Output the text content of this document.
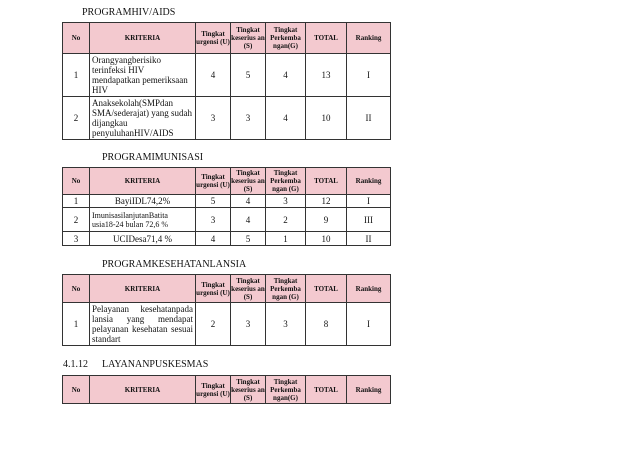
PROGRAMHIV/AIDS
No	KRITERIA	Tingkat urgensi (U)	Tingkat keserius an (S)	Tingkat Perkemba ngan(G)	TOTAL	Ranking
1	Orangyangberisiko terinfeksi HIV mendapatkan pemeriksaan HIV	4	5	4	13	I
2	Anaksekolah(SMPdan SMA/sederajat) yang sudah dijangkau penyuluhanHIV/AIDS	3	3	4	10	II
PROGRAMIMUNISASI
No	KRITERIA	Tingkat urgensi (U)	Tingkat keserius an (S)	Tingkat Perkemba ngan (G)	TOTAL	Ranking
1	BayiIDL74,2%	5	4	3	12	I
2	ImunisasilanjutanBatita usia18-24 bulan 72,6 %	3	4	2	9	III
3	UCIDesa71,4 %	4	5	1	10	II
PROGRAMKESEHATANLANSIA
No	KRITERIA	Tingkat urgensi (U)	Tingkat keserius an (S)	Tingkat Perkemba ngan (G)	TOTAL	Ranking
1	Pelayanan kesehatanpada lansia yang mendapat pelayanan kesehatan sesuai standart	2	3	3	8	I
4.1.12 LAYANANPUSKESMAS
No	KRITERIA	Tingkat urgensi (U)	Tingkat keserius an (S)	Tingkat Perkemba ngan(G)	TOTAL	Ranking
